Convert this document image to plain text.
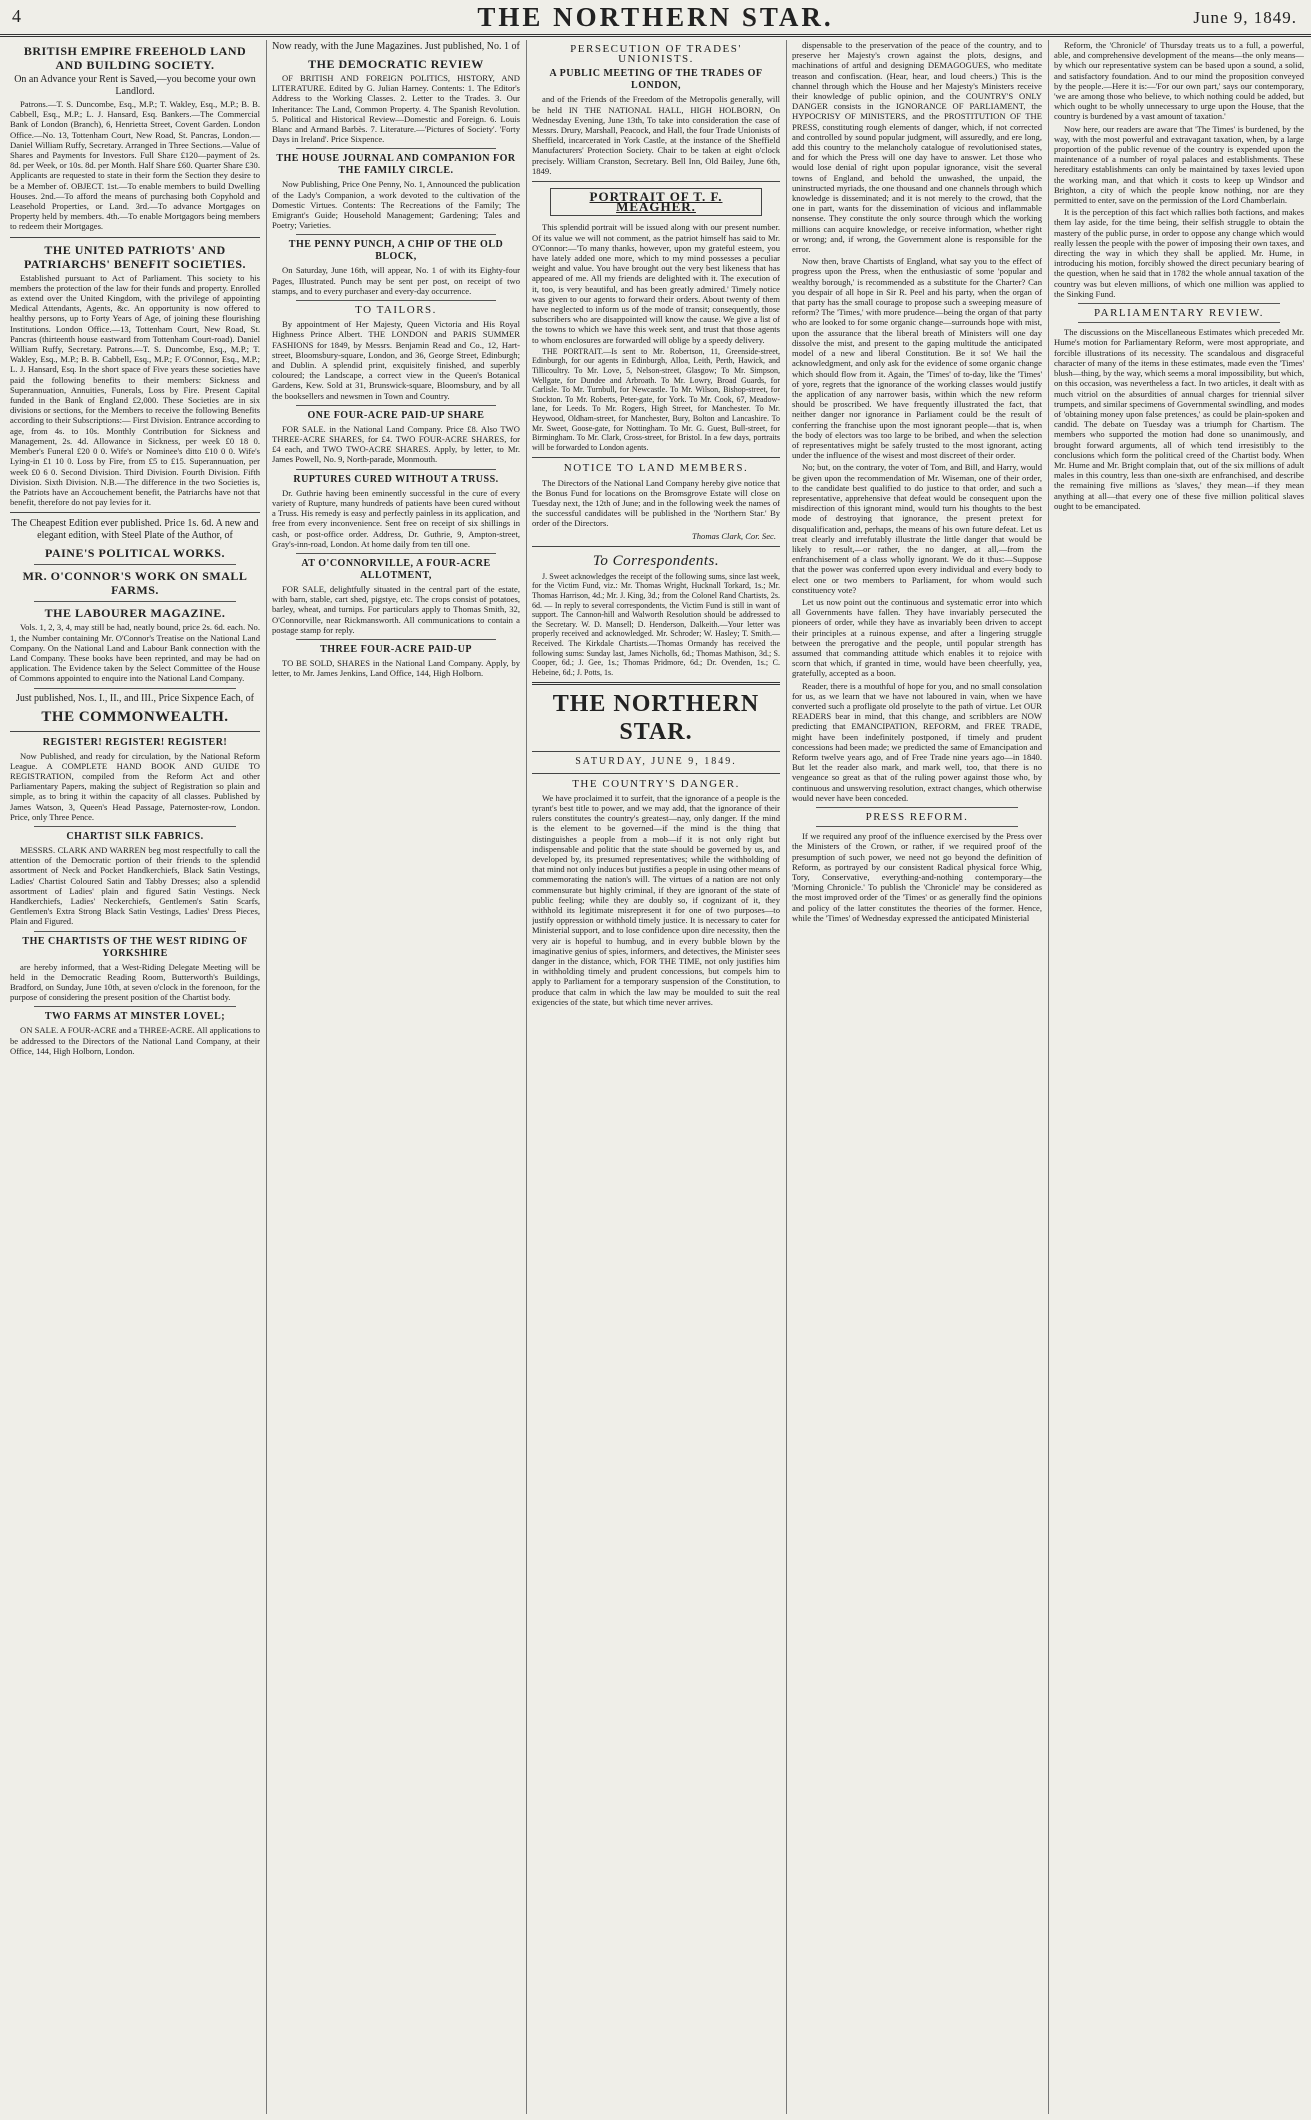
4	THE NORTHERN STAR.	June 9, 1849.
BRITISH EMPIRE FREEHOLD LAND AND BUILDING SOCIETY.
On an Advance your Rent is Saved,—you become your own Landlord.

Patrons.—T. S. Duncombe, Esq., M.P.; T. Wakley, Esq., M.P.; B. B. Cabbell, Esq., M.P.; L. J. Hansard, Esq. Bankers.—The Commercial Bank of London (Branch), 6, Henrietta Street, Covent Garden. London Office.—No. 13, Tottenham Court, New Road, St. Pancras, London.—Daniel William Ruffy, Secretary. Arranged in Three Sections.—Value of Shares and Payments for Investors. Full Share £120—payment of 2s. 8d. per Week, or 10s. 8d. per Month. Half Share £60. Quarter Share £30. Applicants are requested to state in their form the Section they desire to be a Member of. OBJECT. 1st.—To enable members to build Dwelling Houses. 2nd.—To afford the means of purchasing both Copyhold and Leasehold Properties, or Land. 3rd.—To advance Mortgages on Property held by members. 4th.—To enable Mortgagors being members to redeem their Mortgages.

THE UNITED PATRIOTS' AND PATRIARCHS' BENEFIT SOCIETIES.

Established pursuant to Act of Parliament. This society to his members the protection of the law for their funds and property. Enrolled as extend over the United Kingdom, with the privilege of appointing Medical Attendants, Agents, &c. An opportunity is now offered to healthy persons, up to Forty Years of Age, of joining these flourishing Institutions. London Office.—13, Tottenham Court, New Road, St. Pancras (thirteenth house eastward from Tottenham Court-road). Daniel William Ruffy, Secretary. Patrons.—T. S. Duncombe, Esq., M.P.; T. Wakley, Esq., M.P.; B. B. Cabbell, Esq., M.P.; F. O'Connor, Esq., M.P.; L. J. Hansard, Esq. In the short space of Five years these societies have paid the following benefits to their members: Sickness and Superannuation, Annuities, Funerals, Loss by Fire. Present Capital funded in the Bank of England £2,000. These Societies are in six divisions or sections, for the Members to receive the following Benefits according to their Subscriptions:— First Division. Entrance according to age, from 4s. to 10s. Monthly Contribution for Sickness and Management, 2s. 4d. Allowance in Sickness, per week £0 18 0. Member's Funeral £20 0 0. Wife's or Nominee's ditto £10 0 0. Wife's Lying-in £1 10 0. Loss by Fire, from £5 to £15. Superannuation, per week £0 6 0. Second Division. Third Division. Fourth Division. Fifth Division. Sixth Division. N.B.—The difference in the two Societies is, the Patriots have an Accouchement benefit, the Patriarchs have not that benefit, therefore do not pay levies for it.

The Cheapest Edition ever published. Price 1s. 6d. A new and elegant edition, with Steel Plate of the Author, of
PAINE'S POLITICAL WORKS.
MR. O'CONNOR'S WORK ON SMALL FARMS.
THE LABOURER MAGAZINE.

Vols. 1, 2, 3, 4, may still be had, neatly bound, price 2s. 6d. each. No. 1, the Number containing Mr. O'Connor's Treatise on the National Land Company. On the National Land and Labour Bank connection with the Land Company. These books have been reprinted, and may be had on application. The Evidence taken by the Select Committee of the House of Commons appointed to enquire into the National Land Company.

Just published, Nos. I., II., and III., Price Sixpence Each, of
THE COMMONWEALTH.
REGISTER! REGISTER! REGISTER!

Now Published, and ready for circulation, by the National Reform League. A COMPLETE HAND BOOK AND GUIDE TO REGISTRATION, compiled from the Reform Act and other Parliamentary Papers, making the subject of Registration so plain and simple, as to bring it within the capacity of all classes. Published by James Watson, 3, Queen's Head Passage, Paternoster-row, London. Price, only Three Pence.

CHARTIST SILK FABRICS.

MESSRS. CLARK AND WARREN beg most respectfully to call the attention of the Democratic portion of their friends to the splendid assortment of Neck and Pocket Handkerchiefs, Black Satin Vestings, Ladies' Chartist Coloured Satin and Tabby Dresses; also a splendid assortment of Ladies' plain and figured Satin Vestings. Neck Handkerchiefs, Ladies' Neckerchiefs, Gentlemen's Satin Scarfs, Gentlemen's Extra Strong Black Satin Vestings, Ladies' Dress Pieces, Plain and Figured.

THE CHARTISTS OF THE WEST RIDING OF YORKSHIRE

are hereby informed, that a West-Riding Delegate Meeting will be held in the Democratic Reading Room, Butterworth's Buildings, Bradford, on Sunday, June 10th, at seven o'clock in the forenoon, for the purpose of considering the present position of the Chartist body.

TWO FARMS AT MINSTER LOVEL;

ON SALE. A FOUR-ACRE and a THREE-ACRE. All applications to be addressed to the Directors of the National Land Company, at their Office, 144, High Holborn, London.

Now ready, with the June Magazines. Just published, No. 1 of
THE DEMOCRATIC REVIEW

OF BRITISH AND FOREIGN POLITICS, HISTORY, AND LITERATURE. Edited by G. Julian Harney. Contents: 1. The Editor's Address to the Working Classes. 2. Letter to the Trades. 3. Our Inheritance: The Land, Common Property. 4. The Spanish Revolution. 5. Political and Historical Review—Domestic and Foreign. 6. Louis Blanc and Armand Barbès. 7. Literature.—'Pictures of Society'. 'Forty Days in Ireland'. Price Sixpence.

THE HOUSE JOURNAL AND COMPANION FOR THE FAMILY CIRCLE.

Now Publishing, Price One Penny, No. 1, Announced the publication of the Lady's Companion, a work devoted to the cultivation of the Domestic Virtues. Contents: The Recreations of the Family; The Emigrant's Guide; Household Management; Gardening; Tales and Poetry; Varieties.

THE PENNY PUNCH, A CHIP OF THE OLD BLOCK,

On Saturday, June 16th, will appear, No. 1 of with its Eighty-four Pages, Illustrated. Punch may be sent per post, on receipt of two stamps, and to every purchaser and every-day occurrence.

TO TAILORS.

By appointment of Her Majesty, Queen Victoria and His Royal Highness Prince Albert. THE LONDON and PARIS SUMMER FASHIONS for 1849, by Messrs. Benjamin Read and Co., 12, Hart-street, Bloomsbury-square, London, and 36, George Street, Edinburgh; and Dublin. A splendid print, exquisitely finished, and superbly coloured; the Landscape, a correct view in the Queen's Botanical Gardens, Kew. Sold at 31, Brunswick-square, Bloomsbury, and by all the booksellers and newsmen in Town and Country.

ONE FOUR-ACRE PAID-UP SHARE

FOR SALE. in the National Land Company. Price £8. Also TWO THREE-ACRE SHARES, for £4. TWO FOUR-ACRE SHARES, for £4 each, and TWO TWO-ACRE SHARES. Apply, by letter, to Mr. James Powell, No. 9, North-parade, Monmouth.

RUPTURES CURED WITHOUT A TRUSS.

Dr. Guthrie having been eminently successful in the cure of every variety of Rupture, many hundreds of patients have been cured without a Truss. His remedy is easy and perfectly painless in its application, and free from every inconvenience. Sent free on receipt of six shillings in cash, or post-office order. Address, Dr. Guthrie, 9, Ampton-street, Gray's-inn-road, London. At home daily from ten till one.

AT O'CONNORVILLE, A FOUR-ACRE ALLOTMENT,

FOR SALE, delightfully situated in the central part of the estate, with barn, stable, cart shed, pigstye, etc. The crops consist of potatoes, barley, wheat, and turnips. For particulars apply to Thomas Smith, 32, O'Connorville, near Rickmansworth. All communications to contain a postage stamp for reply.

THREE FOUR-ACRE PAID-UP

TO BE SOLD, SHARES in the National Land Company. Apply, by letter, to Mr. James Jenkins, Land Office, 144, High Holborn.

PERSECUTION OF TRADES' UNIONISTS.
A PUBLIC MEETING OF THE TRADES OF LONDON,

and of the Friends of the Freedom of the Metropolis generally, will be held IN THE NATIONAL HALL, HIGH HOLBORN, On Wednesday Evening, June 13th, To take into consideration the case of Messrs. Drury, Marshall, Peacock, and Hall, the four Trade Unionists of Sheffield, incarcerated in York Castle, at the instance of the Sheffield Manufacturers' Protection Society. Chair to be taken at eight o'clock precisely. William Cranston, Secretary. Bell Inn, Old Bailey, June 6th, 1849.

PORTRAIT OF T. F. MEAGHER.

This splendid portrait will be issued along with our present number. Of its value we will not comment, as the patriot himself has said to Mr. O'Connor:—'To many thanks, however, upon my grateful esteem, you have lately added one more, which to my mind possesses a peculiar weight and value. You have brought out the very best likeness that has appeared of me. All my friends are delighted with it. The execution of it, too, is very beautiful, and has been greatly admired.' Timely notice was given to our agents to forward their orders. About twenty of them have neglected to inform us of the mode of transit; consequently, those subscribers who are disappointed will know the cause. We give a list of the towns to which we have this week sent, and trust that those agents to whom enclosures are forwarded will oblige by a speedy delivery.

THE PORTRAIT.—Is sent to Mr. Robertson, 11, Greenside-street, Edinburgh, for our agents in Edinburgh, Alloa, Leith, Perth, Hawick, and Tillicoultry. To Mr. Love, 5, Nelson-street, Glasgow; To Mr. Simpson, Wellgate, for Dundee and Arbroath. To Mr. Lowry, Broad Guards, for Carlisle. To Mr. Turnbull, for Newcastle. To Mr. Wilson, Bishop-street, for Stockton. To Mr. Roberts, Peter-gate, for York. To Mr. Cook, 67, Meadow-lane, for Leeds. To Mr. Rogers, High Street, for Manchester. To Mr. Heywood, Oldham-street, for Manchester, Bury, Bolton and Lancashire. To Mr. Sweet, Goose-gate, for Nottingham. To Mr. G. Guest, Bull-street, for Birmingham. To Mr. Clark, Cross-street, for Bristol. In a few days, portraits will be forwarded to London agents.

NOTICE TO LAND MEMBERS.

The Directors of the National Land Company hereby give notice that the Bonus Fund for locations on the Bromsgrove Estate will close on Tuesday next, the 12th of June; and in the following week the names of the successful candidates will be published in the 'Northern Star.' By order of the Directors.

Thomas Clark, Cor. Sec.
To Correspondents.

J. Sweet acknowledges the receipt of the following sums, since last week, for the Victim Fund, viz.: Mr. Thomas Wright, Hucknall Torkard, 1s.; Mr. Thomas Harrison, 4d.; Mr. J. King, 3d.; from the Colonel Rand Chartists, 2s. 6d. — In reply to several correspondents, the Victim Fund is still in want of support. The Cannon-hill and Walworth Resolution should be addressed to the Secretary. W. D. Mansell; D. Henderson, Dalkeith.—Your letter was properly received and acknowledged. Mr. Schroder; W. Hasley; T. Smith.—Received. The Kirkdale Chartists.—Thomas Ormandy has received the following sums: Sunday last, James Nicholls, 6d.; Thomas Mathison, 3d.; S. Cooper, 6d.; J. Gee, 1s.; Thomas Pridmore, 6d.; Dr. Ovenden, 1s.; C. Hebeine, 6d.; J. Potts, 1s.

THE NORTHERN STAR.
SATURDAY, JUNE 9, 1849.
THE COUNTRY'S DANGER.

We have proclaimed it to surfeit, that the ignorance of a people is the tyrant's best title to power, and we may add, that the ignorance of their rulers constitutes the country's greatest—nay, only danger. If the mind is the element to be governed—if the mind is the thing that distinguishes a people from a mob—if it is not only right but indispensable and politic that the state should be governed by us, and developed by, its presumed representatives; while the withholding of that mind not only induces but justifies a people in using other means of commemorating the nation's will. The virtues of a nation are not only commensurate but highly criminal, if they are ignorant of the state of public feeling; while they are doubly so, if cognizant of it, they withhold its legitimate misrepresent it for one of two purposes—to justify oppression or withhold timely justice. It is necessary to cater for Ministerial support, and to lose confidence upon dire necessity, then the very air is hopeful to humbug, and in every bubble blown by the imaginative genius of spies, informers, and detectives, the Minister sees danger in the distance, which, FOR THE TIME, not only justifies him in withholding timely and prudent concessions, but compels him to apply to Parliament for a temporary suspension of the Constitution, to produce that calm in which the law may be moulded to suit the real exigencies of the state, but which time never arrives.

dispensable to the preservation of the peace of the country, and to preserve her Majesty's crown against the plots, designs, and machinations of artful and designing DEMAGOGUES, who meditate treason and confiscation. (Hear, hear, and loud cheers.) This is the channel through which the House and her Majesty's Ministers receive their knowledge of public opinion, and the COUNTRY'S ONLY DANGER consists in the IGNORANCE OF PARLIAMENT, the HYPOCRISY OF MINISTERS, and the PROSTITUTION OF THE PRESS, constituting rough elements of danger, which, if not corrected and controlled by sound popular judgment, will assuredly, and ere long, add this country to the melancholy catalogue of revolutionised states, and for which the Press will one day have to answer. Let those who would lose denial of right upon popular ignorance, visit the several towns of England, and behold the unwashed, the unpaid, the uninstructed myriads, the one thousand and one channels through which knowledge is disseminated; and it is not merely to the crowd, that the one in part, wants for the dissemination of vicious and inflammable nonsense. They constitute the only source through which the working millions can acquire knowledge, or receive information, whether right or wrong; and, if wrong, the Government alone is responsible for the error.

Now then, brave Chartists of England, what say you to the effect of progress upon the Press, when the enthusiastic of some 'popular and wealthy borough,' is recommended as a substitute for the Charter? Can you despair of all hope in Sir R. Peel and his party, when the organ of that party has the small courage to propose such a sweeping measure of reform? The 'Times,' with more prudence—being the organ of that party who are looked to for some organic change—surrounds hope with mist, upon the assurance that the liberal breath of Ministers will one day dissolve the mist, and present to the gaping multitude the anticipated model of a new and liberal Constitution. Be it so! We hail the acknowledgment, and only ask for the evidence of some organic change which should flow from it. Again, the 'Times' of to-day, like the 'Times' of yore, regrets that the ignorance of the working classes would justify the application of any narrower basis, within which the new reform should be proscribed. We have frequently illustrated the fact, that neither danger nor ignorance in Parliament could be the result of conferring the franchise upon the most ignorant people—that is, when the body of electors was too large to be bribed, and when the selection of representatives might be safely trusted to the most ignorant, acting under the influence of the wisest and most discreet of their order.

No; but, on the contrary, the voter of Tom, and Bill, and Harry, would be given upon the recommendation of Mr. Wiseman, one of their order, to the candidate best qualified to do justice to that order, and such a representative, apprehensive that defeat would be consequent upon the misdirection of this ignorant mind, would turn his thoughts to the best mode of destroying that ignorance, the present pretext for disqualification and, perhaps, the means of his own future defeat. Let us treat clearly and irrefutably illustrate the little danger that would be likely to result,—or rather, the no danger, at all,—from the enfranchisement of a class wholly ignorant. We do it thus:—Suppose that the power was conferred upon every individual and every body to elect one or two members to Parliament, for whom would such constituency vote?

Let us now point out the continuous and systematic error into which all Governments have fallen. They have invariably persecuted the pioneers of order, while they have as invariably been driven to accept their principles at a ruinous expense, and after a lingering struggle between the prerogative and the people, until popular strength has assumed that commanding attitude which enables it to rejoice with scorn that which, if granted in time, would have been cheerfully, yea, gratefully, accepted as a boon.

Reader, there is a mouthful of hope for you, and no small consolation for us, as we learn that we have not laboured in vain, when we have converted such a profligate old proselyte to the path of virtue. Let OUR READERS bear in mind, that this change, and scribblers are NOW predicting that EMANCIPATION, REFORM, and FREE TRADE, might have been indefinitely postponed, if timely and prudent concessions had been made; we predicted the same of Emancipation and Reform twelve years ago, and of Free Trade nine years ago—in 1840. But let the reader also mark, and mark well, too, that there is no vengeance so great as that of the ruling power against those who, by continuous and unswerving resolution, extract changes, which otherwise would never have been conceded.

PRESS REFORM.

If we required any proof of the influence exercised by the Press over the Ministers of the Crown, or rather, if we required proof of the presumption of such power, we need not go beyond the definition of Reform, as portrayed by our consistent Radical physical force Whig, Tory, Conservative, everything-and-nothing contemporary—the 'Morning Chronicle.' To publish the 'Chronicle' may be considered as the most improved order of the 'Times' or as generally find the opinions and policy of the latter constitutes the theories of the former. Hence, while the 'Times' of Wednesday expressed the anticipated Ministerial

Reform, the 'Chronicle' of Thursday treats us to a full, a powerful, able, and comprehensive development of the means—the only means—by which our representative system can be based upon a sound, a solid, and satisfactory foundation. And to our mind the proposition conveyed by the people.—Here it is:—'For our own part,' says our contemporary, 'we are among those who believe, to which nothing could be added, but which ought to be wholly unnecessary to urge upon the House, that the country is burdened by a vast amount of taxation.'

Now here, our readers are aware that 'The Times' is burdened, by the way, with the most powerful and extravagant taxation, when, by a large proportion of the public revenue of the country is expended upon the maintenance of a number of royal palaces and establishments. These hereditary establishments can only be maintained by taxes levied upon the working man, and that which it costs to keep up Windsor and Brighton, a city of which the people know nothing, nor are they permitted to enter, save on the permission of the Lord Chamberlain.

It is the perception of this fact which rallies both factions, and makes them lay aside, for the time being, their selfish struggle to obtain the mastery of the public purse, in order to oppose any change which would really lessen the people with the power of imposing their own taxes, and directing the way in which they shall be applied. Mr. Hume, in introducing his motion, forcibly showed the direct pecuniary bearing of the question, when he said that in 1782 the whole annual taxation of the country was but eleven millions, of which one million was applied to the Sinking Fund.

PARLIAMENTARY REVIEW.

The discussions on the Miscellaneous Estimates which preceded Mr. Hume's motion for Parliamentary Reform, were most appropriate, and forcible illustrations of its necessity. The scandalous and disgraceful character of many of the items in these estimates, made even the 'Times' blush—thing, by the way, which seems a moral impossibility, but which, on this occasion, was nevertheless a fact. In two articles, it dealt with as much vitriol on the absurdities of annual charges for triennial silver trumpets, and similar specimens of Governmental swindling, and modes of 'obtaining money upon false pretences,' as could be plain-spoken and candid. The debate on Tuesday was a triumph for Chartism. The members who supported the motion had done so unanimously, and brought forward arguments, all of which tend irresistibly to the conclusions which form the political creed of the Chartist body. When Mr. Hume and Mr. Bright complain that, out of the six millions of adult males in this country, less than one-sixth are enfranchised, and describe the remaining five millions as 'slaves,' they mean—if they mean anything at all—that every one of these five million political slaves ought to be emancipated.
